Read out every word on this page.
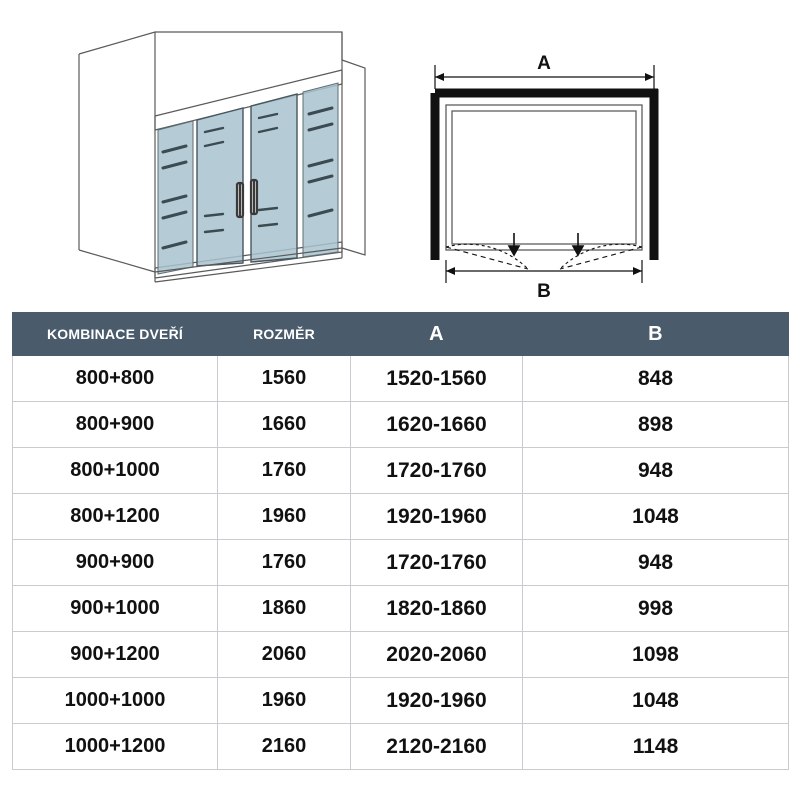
A
B
KOMBINACE DVEŘÍ	ROZMĚR	A	B
800+800	1560	1520-1560	848
800+900	1660	1620-1660	898
800+1000	1760	1720-1760	948
800+1200	1960	1920-1960	1048
900+900	1760	1720-1760	948
900+1000	1860	1820-1860	998
900+1200	2060	2020-2060	1098
1000+1000	1960	1920-1960	1048
1000+1200	2160	2120-2160	1148
